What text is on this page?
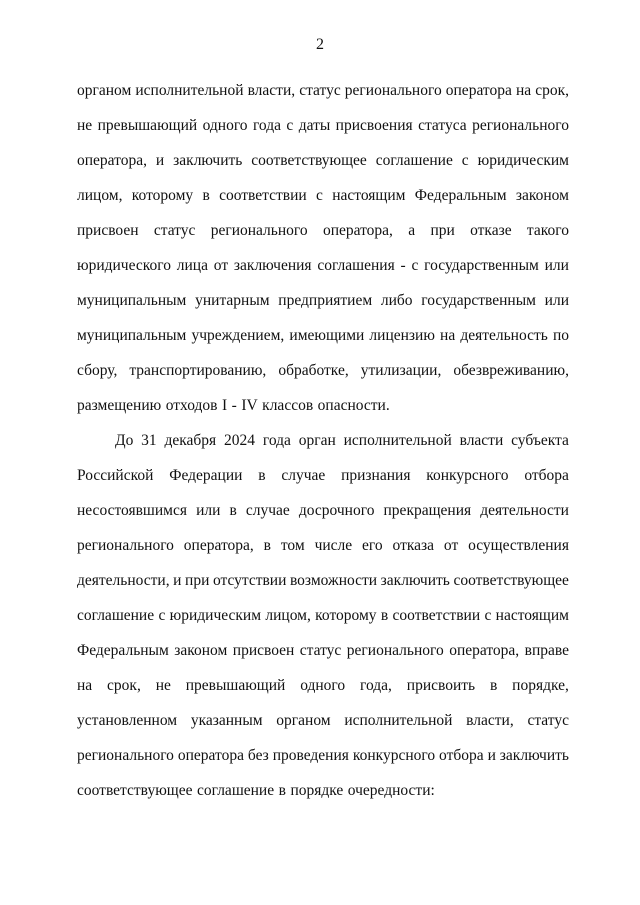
2
органом исполнительной власти, статус регионального оператора на срок,
не превышающий одного года с даты присвоения статуса регионального
оператора, и заключить соответствующее соглашение с юридическим
лицом, которому в соответствии с настоящим Федеральным законом
присвоен статус регионального оператора, а при отказе такого
юридического лица от заключения соглашения - с государственным или
муниципальным унитарным предприятием либо государственным или
муниципальным учреждением, имеющими лицензию на деятельность по
сбору, транспортированию, обработке, утилизации, обезвреживанию,
размещению отходов I - IV классов опасности.
До 31 декабря 2024 года орган исполнительной власти субъекта
Российской Федерации в случае признания конкурсного отбора
несостоявшимся или в случае досрочного прекращения деятельности
регионального оператора, в том числе его отказа от осуществления
деятельности, и при отсутствии возможности заключить соответствующее
соглашение с юридическим лицом, которому в соответствии с настоящим
Федеральным законом присвоен статус регионального оператора, вправе
на срок, не превышающий одного года, присвоить в порядке,
установленном указанным органом исполнительной власти, статус
регионального оператора без проведения конкурсного отбора и заключить
соответствующее соглашение в порядке очередности:
